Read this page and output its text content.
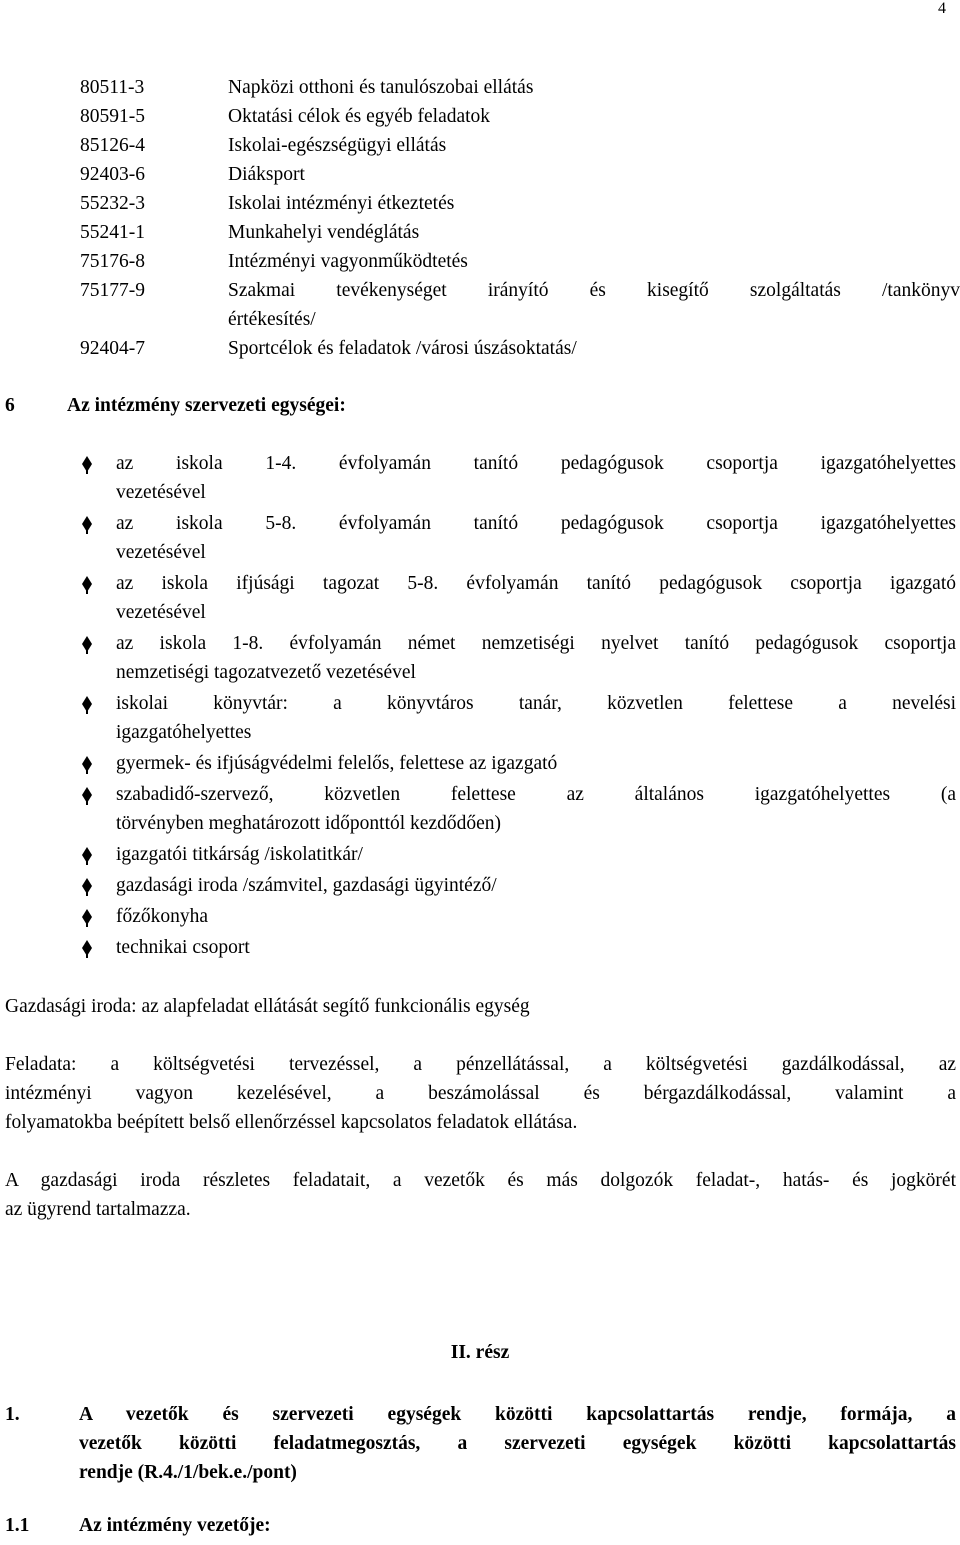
4
80511-3	Napközi otthoni és tanulószobai ellátás
80591-5	Oktatási célok és egyéb feladatok
85126-4	Iskolai-egészségügyi ellátás
92403-6	Diáksport
55232-3	Iskolai intézményi étkeztetés
55241-1	Munkahelyi vendéglátás
75176-8	Intézményi vagyonműködtetés
75177-9	Szakmai tevékenységet irányító és kisegítő szolgáltatás /tankönyv
értékesítés/
92404-7	Sportcélok és feladatok /városi úszásoktatás/
6	Az intézmény szervezeti egységei:
az iskola 1-4. évfolyamán tanító pedagógusok csoportja igazgatóhelyettes
vezetésével
az iskola 5-8. évfolyamán tanító pedagógusok csoportja igazgatóhelyettes
vezetésével
az iskola ifjúsági tagozat 5-8. évfolyamán tanító pedagógusok csoportja igazgató
vezetésével
az iskola 1-8. évfolyamán német nemzetiségi nyelvet tanító pedagógusok csoportja
nemzetiségi tagozatvezető vezetésével
iskolai könyvtár: a könyvtáros tanár, közvetlen felettese a nevelési
igazgatóhelyettes
gyermek- és ifjúságvédelmi felelős, felettese az igazgató
szabadidő-szervező, közvetlen felettese az általános igazgatóhelyettes (a
törvényben meghatározott időponttól kezdődően)
igazgatói titkárság /iskolatitkár/
gazdasági iroda /számvitel, gazdasági ügyintéző/
főzőkonyha
technikai csoport
Gazdasági iroda: az alapfeladat ellátását segítő funkcionális egység
Feladata: a költségvetési tervezéssel, a pénzellátással, a költségvetési gazdálkodással, az
intézményi vagyon kezelésével, a beszámolással és bérgazdálkodással, valamint a
folyamatokba beépített belső ellenőrzéssel kapcsolatos feladatok ellátása.
A gazdasági iroda részletes feladatait, a vezetők és más dolgozók feladat-, hatás- és jogkörét
az ügyrend tartalmazza.
II. rész
1.	A vezetők és szervezeti egységek közötti kapcsolattartás rendje, formája, a
vezetők közötti feladatmegosztás, a szervezeti egységek közötti kapcsolattartás
rendje (R.4./1/bek.e./pont)
1.1	Az intézmény vezetője:
